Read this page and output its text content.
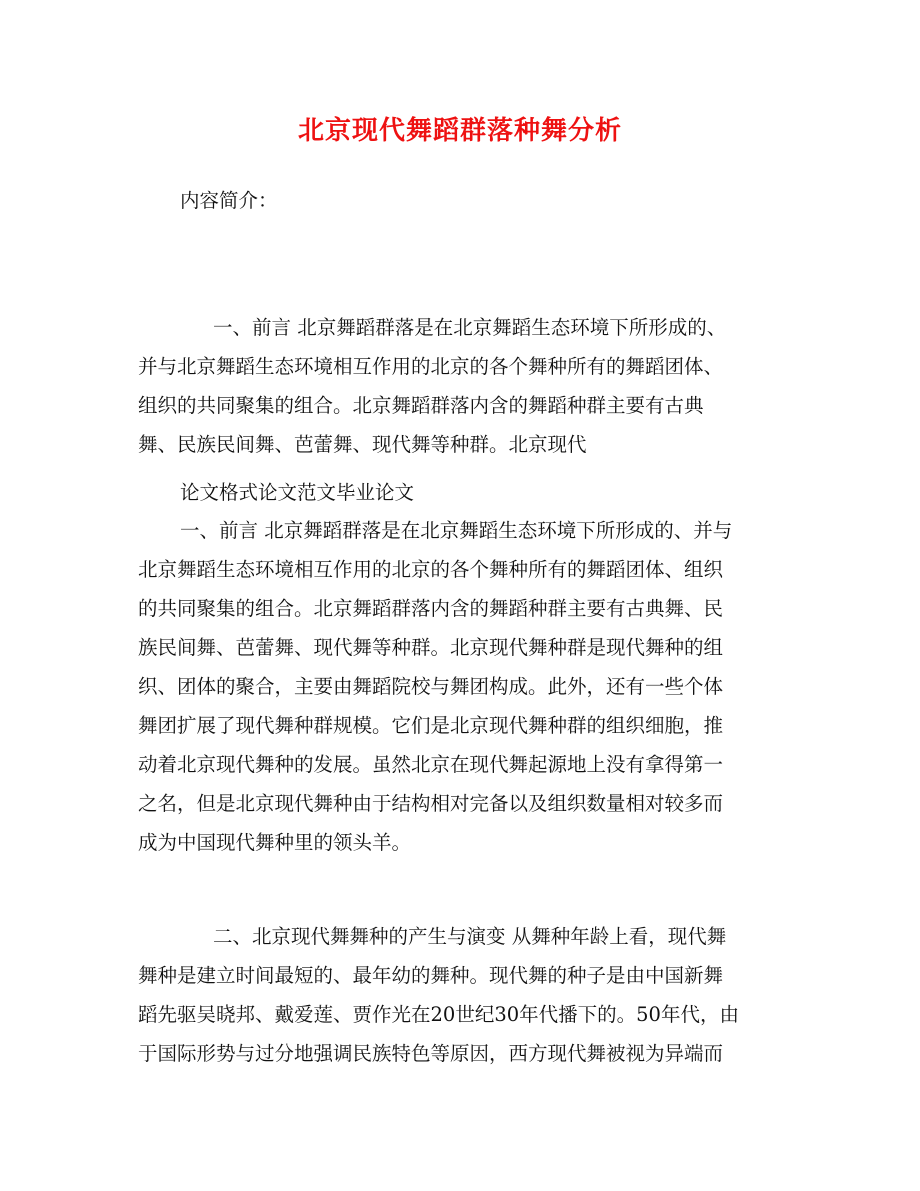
北京现代舞蹈群落种舞分析
内容简介：
一、前言 北京舞蹈群落是在北京舞蹈生态环境下所形成的、
并与北京舞蹈生态环境相互作用的北京的各个舞种所有的舞蹈团体、
组织的共同聚集的组合。北京舞蹈群落内含的舞蹈种群主要有古典
舞、民族民间舞、芭蕾舞、现代舞等种群。北京现代
论文格式论文范文毕业论文
一、前言 北京舞蹈群落是在北京舞蹈生态环境下所形成的、并与
北京舞蹈生态环境相互作用的北京的各个舞种所有的舞蹈团体、组织
的共同聚集的组合。北京舞蹈群落内含的舞蹈种群主要有古典舞、民
族民间舞、芭蕾舞、现代舞等种群。北京现代舞种群是现代舞种的组
织、团体的聚合，主要由舞蹈院校与舞团构成。此外，还有一些个体
舞团扩展了现代舞种群规模。它们是北京现代舞种群的组织细胞，推
动着北京现代舞种的发展。虽然北京在现代舞起源地上没有拿得第一
之名，但是北京现代舞种由于结构相对完备以及组织数量相对较多而
成为中国现代舞种里的领头羊。
二、北京现代舞舞种的产生与演变 从舞种年龄上看，现代舞
舞种是建立时间最短的、最年幼的舞种。现代舞的种子是由中国新舞
蹈先驱吴晓邦、戴爱莲、贾作光在20世纪30年代播下的。50年代，由
于国际形势与过分地强调民族特色等原因，西方现代舞被视为异端而
